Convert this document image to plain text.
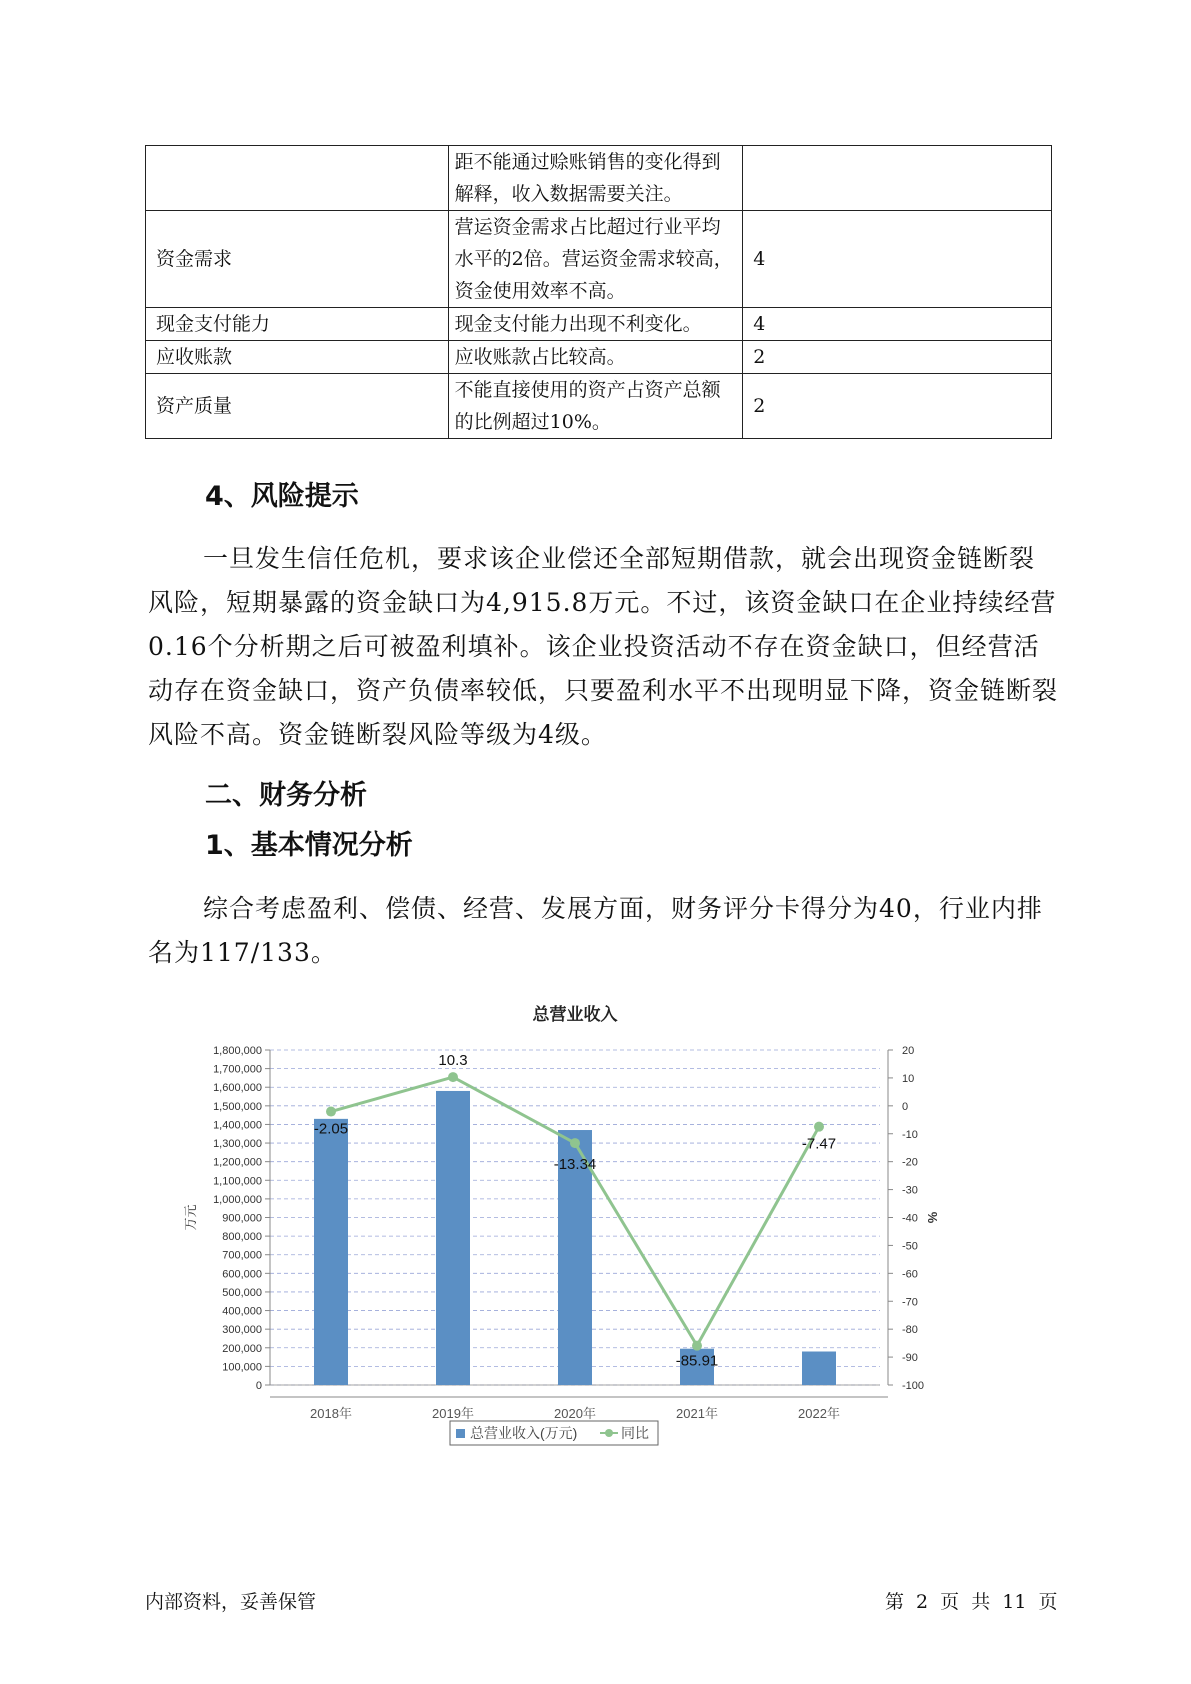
	距不能通过赊账销售的变化得到解释，收入数据需要关注。	
资金需求	营运资金需求占比超过行业平均水平的2倍。营运资金需求较高，资金使用效率不高。	4
现金支付能力	现金支付能力出现不利变化。	4
应收账款	应收账款占比较高。	2
资产质量	不能直接使用的资产占资产总额的比例超过10%。	2
4、风险提示
一旦发生信任危机，要求该企业偿还全部短期借款，就会出现资金链断裂风险，短期暴露的资金缺口为4,915.8万元。不过，该资金缺口在企业持续经营 0.16个分析期之后可被盈利填补。该企业投资活动不存在资金缺口，但经营活动存在资金缺口，资产负债率较低，只要盈利水平不出现明显下降，资金链断裂风险不高。资金链断裂风险等级为4级。
二、财务分析
1、基本情况分析
综合考虑盈利、偿债、经营、发展方面，财务评分卡得分为40，行业内排名为117/133。
总营业收入
1,800,000
1,700,000
1,600,000
1,500,000
1,400,000
1,300,000
1,200,000
1,100,000
1,000,000
900,000
800,000
700,000
600,000
500,000
400,000
300,000
200,000
100,000
0
20
10
0
-10
-20
-30
-40
-50
-60
-70
-80
-90
-100
万元	%
2018年	2019年	2020年	2021年	2022年
-2.05
10.3
-13.34
-85.91
-7.47
总营业收入(万元)	同比
内部资料，妥善保管	第 2 页 共 11 页
